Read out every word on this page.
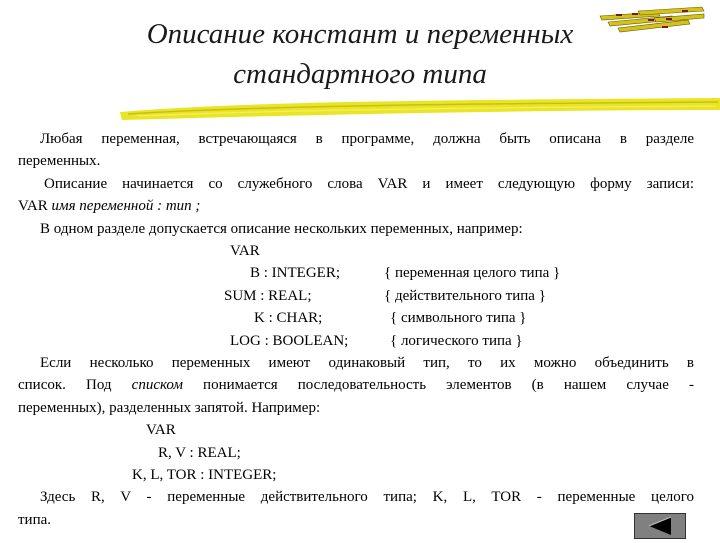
Описание констант и переменных
стандартного типа
Любая переменная, встречающаяся в программе, должна быть описана в разделе
переменных.
Описание начинается со служебного слова VAR и имеет следующую форму записи:
VAR имя переменной : тип ;
В одном разделе допускается описание нескольких переменных, например:
VAR
B : INTEGER;	{ переменная целого типа }
SUM : REAL;	{ действительного типа }
K : CHAR;	{ символьного типа }
LOG : BOOLEAN;	{ логического типа }
Если несколько переменных имеют одинаковый тип, то их можно объединить в
список. Под списком понимается последовательность элементов (в нашем случае -
переменных), разделенных запятой. Например:
VAR
R, V : REAL;
K, L, TOR : INTEGER;
Здесь R, V - переменные действительного типа; K, L, TOR - переменные целого
типа.
